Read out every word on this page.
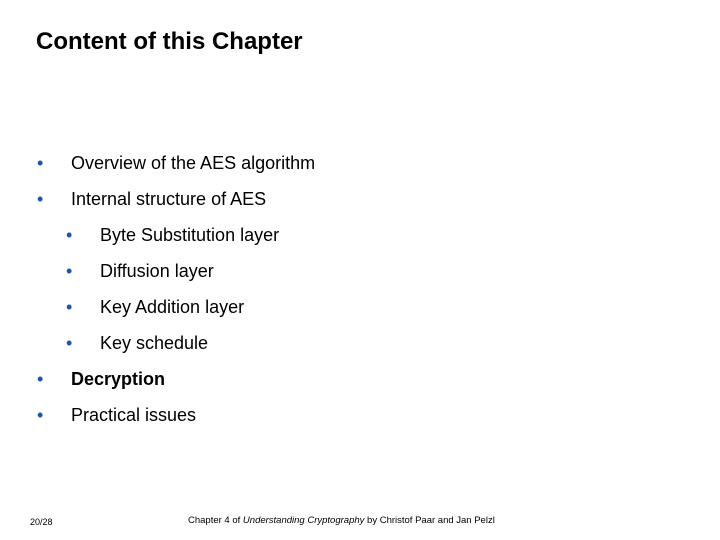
Content of this Chapter
• Overview of the AES algorithm
• Internal structure of AES
• Byte Substitution layer
• Diffusion layer
• Key Addition layer
• Key schedule
• Decryption
• Practical issues
20/28	Chapter 4 of Understanding Cryptography by Christof Paar and Jan Pelzl
